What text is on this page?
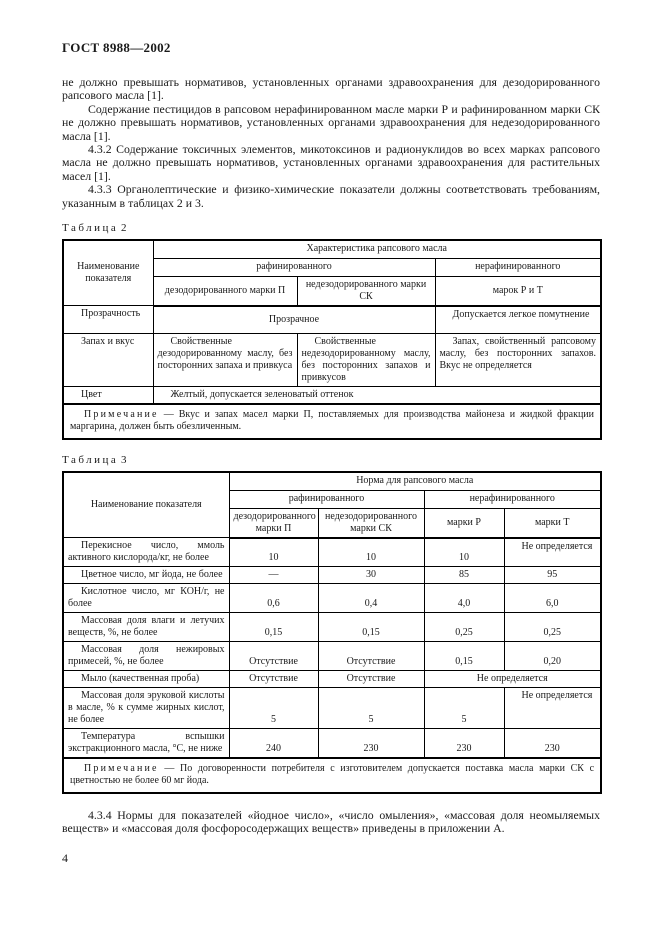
ГОСТ 8988—2002

не должно превышать нормативов, установленных органами здравоохранения для дезодорированного рапсового масла [1].

Содержание пестицидов в рапсовом нерафинированном масле марки Р и рафинированном марки СК не должно превышать нормативов, установленных органами здравоохранения для недезодорированного масла [1].

4.3.2 Содержание токсичных элементов, микотоксинов и радионуклидов во всех марках рапсового масла не должно превышать нормативов, установленных органами здравоохранения для растительных масел [1].

4.3.3 Органолептические и физико-химические показатели должны соответствовать требованиям, указанным в таблицах 2 и 3.

Таблица 2

Наименование показателя	Характеристика рапсового масла		
	рафинированного		нерафинированного
	дезодорированного марки П	недезодорированного марки СК	марок Р и Т
Прозрачность	Прозрачное		Допускается легкое помутнение
Запах и вкус	Свойственные дезодорированному маслу, без посторонних запаха и привкуса	Свойственные недезодорированному маслу, без посторонних запахов и привкусов	Запах, свойственный рапсовому маслу, без посторонних запахов. Вкус не определяется
Цвет	Желтый, допускается зеленоватый оттенок		
Примечание — Вкус и запах масел марки П, поставляемых для производства майонеза и жидкой фракции маргарина, должен быть обезличенным.			

Таблица 3

Наименование показателя	Норма для рапсового масла			
	рафинированного		нерафинированного	
	дезодорированного марки П	недезодорированного марки СК	марки Р	марки Т
Перекисное число, ммоль активного кислорода/кг, не более	10	10	10	Не определяется
Цветное число, мг йода, не более	—	30	85	95
Кислотное число, мг КОН/г, не более	0,6	0,4	4,0	6,0
Массовая доля влаги и летучих веществ, %, не более	0,15	0,15	0,25	0,25
Массовая доля нежировых примесей, %, не более	Отсутствие	Отсутствие	0,15	0,20
Мыло (качественная проба)	Отсутствие	Отсутствие	Не определяется	
Массовая доля эруковой кислоты в масле, % к сумме жирных кислот, не более	5	5	5	Не определяется
Температура вспышки экстракционного масла, °С, не ниже	240	230	230	230
Примечание — По договоренности потребителя с изготовителем допускается поставка масла марки СК с цветностью не более 60 мг йода.				

4.3.4 Нормы для показателей «йодное число», «число омыления», «массовая доля неомыляемых веществ» и «массовая доля фосфоросодержащих веществ» приведены в приложении А.

4
